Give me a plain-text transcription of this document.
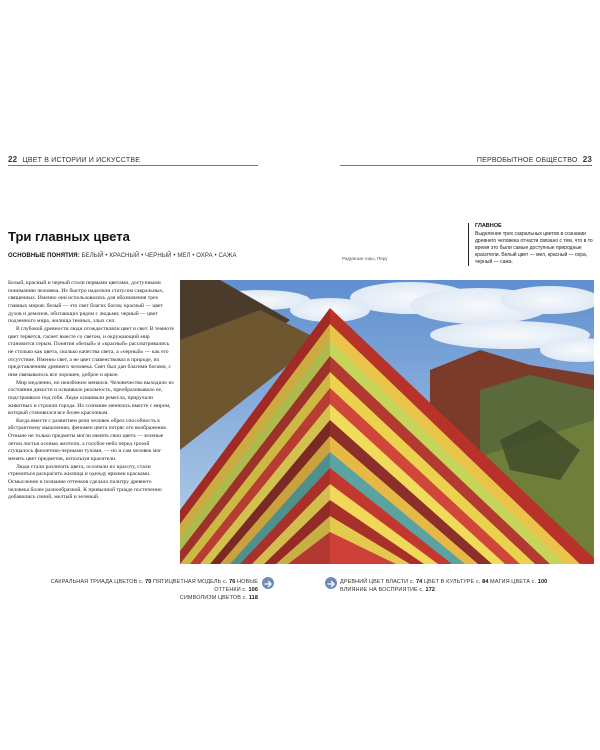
22 ЦВЕТ В ИСТОРИИ И ИСКУССТВЕ	ПЕРВОБЫТНОЕ ОБЩЕСТВО 23
Три главных цвета
ОСНОВНЫЕ ПОНЯТИЯ: БЕЛЫЙ • КРАСНЫЙ • ЧЕРНЫЙ • МЕЛ • ОХРА • САЖА
ГЛАВНОЕ
Выделение трех сакральных цветов в сознании древнего человека отчасти связано с тем, что в то время это были самые доступные природные красители. Белый цвет — мел, красный — охра, черный — сажа.
Радужные горы, Перу

Белый, красный и черный стали первыми цветами, доступными пониманию человека. Их быстро наделили статусом сакральных, священных. Именно они использовались для обозначения трех главных миров: белый — это свет благих богов; красный — цвет духов и демонов, обитающих рядом с людьми; черный — цвет подземного мира, жилища темных, злых сил.

В глубокой древности люди отождествляли цвет и свет. В темноте цвет теряется, гаснет вместе со светом, и окружающий мир становится серым. Понятия «белый» и «красный» рассматривались не столько как цвета, сколько качества света, а «черный» — как его отсутствие. Именно свет, а не цвет главенствовал в природе, по представлениям древнего человека. Свет был дан благими богами, с ним связывалось все хорошее, доброе и яркое.

Мир медленно, но неизбежно менялся. Человечество выходило из состояния дикости и осваивало реальность, преобразовывало ее, подстраивало под себя. Люди осваивали ремесла, приручали животных и строили города. Их сознание менялось вместе с миром, который становился все более красочным.

Когда вместе с развитием речи человек обрел способность к абстрактному мышлению, феномен цвета потряс его воображение. Отныне не только предметы могли менять свои цвета — зеленые летом листья осенью желтели, а голубое небо перед грозой сгущалось фиолетово-черными тучами, — но и сам человек мог менять цвет предметов, используя красители.

Люди стали различать цвета, осознали их красоту, стали стремиться раскрасить жилища и одежду яркими красками. Осмысление и познание оттенков сделало палитру древнего человека более разнообразной. К привычной триаде постепенно добавились синий, желтый и зеленый.

САКРАЛЬНАЯ ТРИАДА ЦВЕТОВ с. 70 ПЯТИЦВЕТНАЯ МОДЕЛЬ с. 76 НОВЫЕ ОТТЕНКИ с. 106
СИМВОЛИЗМ ЦВЕТОВ с. 118
ДРЕВНИЙ ЦВЕТ ВЛАСТИ с. 74 ЦВЕТ В КУЛЬТУРЕ с. 84 МАГИЯ ЦВЕТА с. 100
ВЛИЯНИЕ НА ВОСПРИЯТИЕ с. 172
